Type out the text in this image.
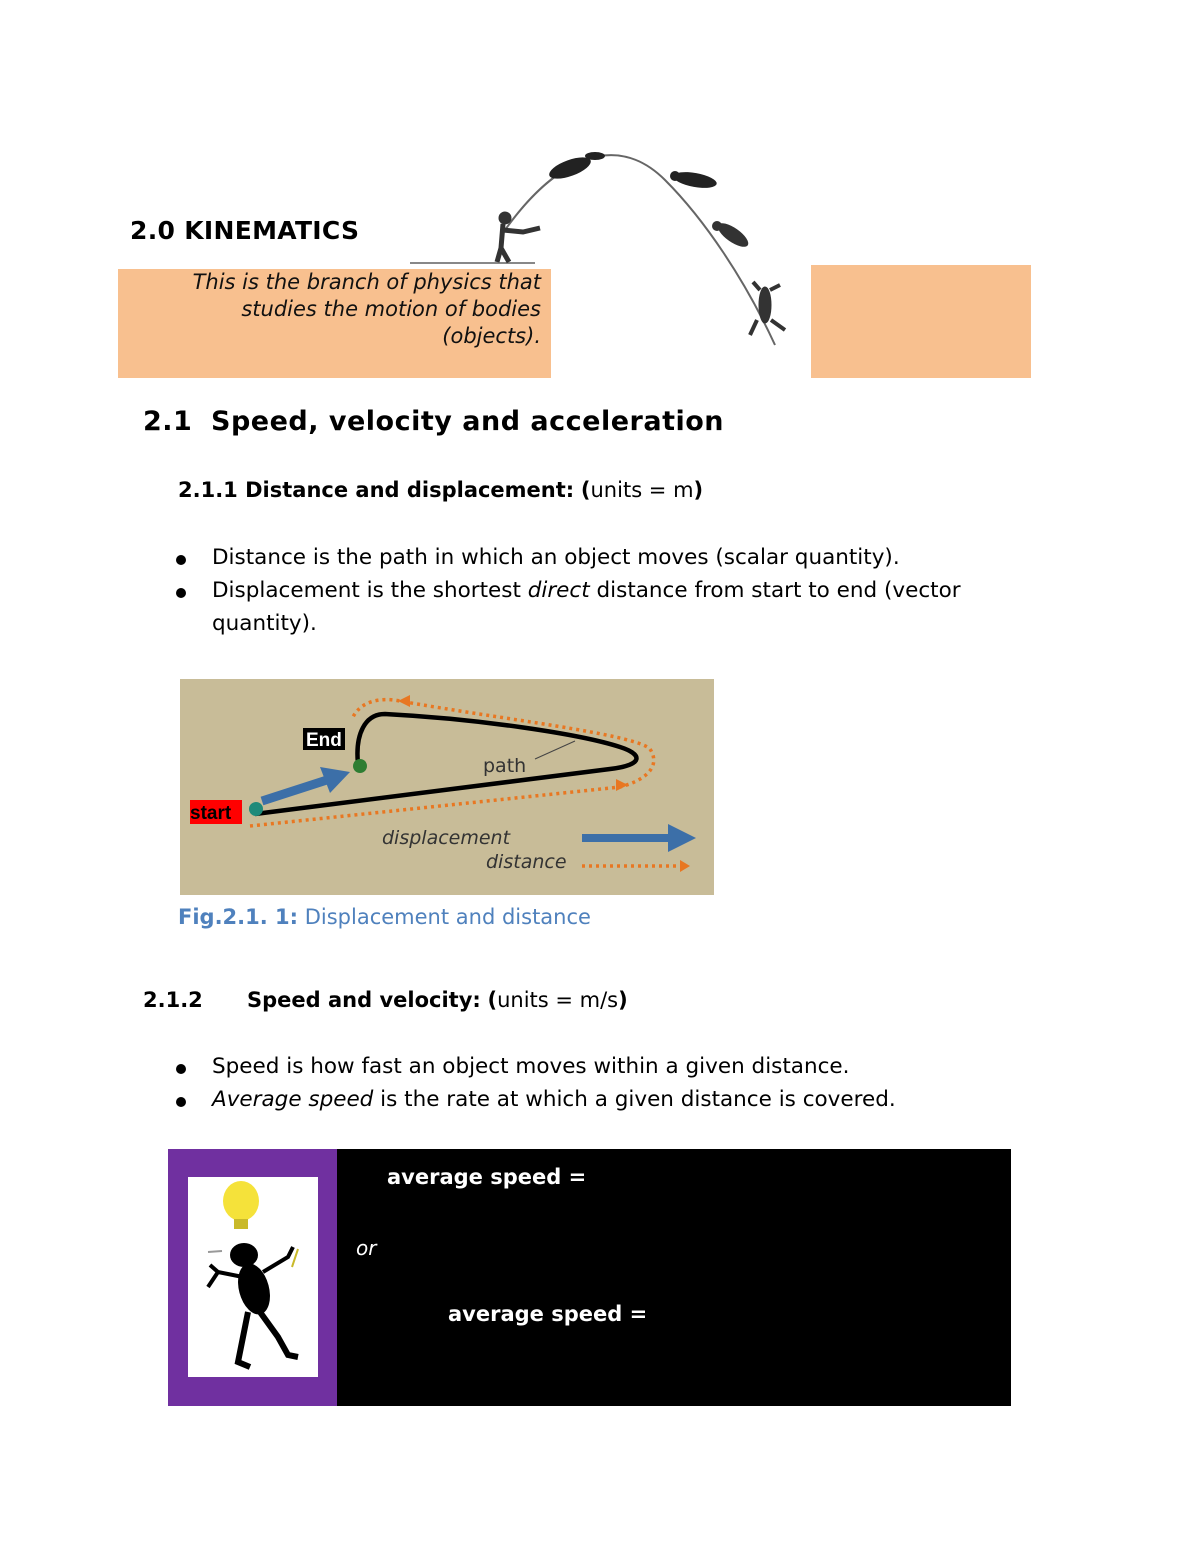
2.0 KINEMATICS
This is the branch of physics that
studies the motion of bodies
(objects).
2.1 Speed, velocity and acceleration
2.1.1 Distance and displacement: (units = m)
Distance is the path in which an object moves (scalar quantity).
Displacement is the shortest direct distance from start to end (vector quantity).
End
start
path
displacement
distance
Fig.2.1. 1: Displacement and distance
2.1.2 Speed and velocity: (units = m/s)
Speed is how fast an object moves within a given distance.
Average speed is the rate at which a given distance is covered.
average speed =
or
average speed =
